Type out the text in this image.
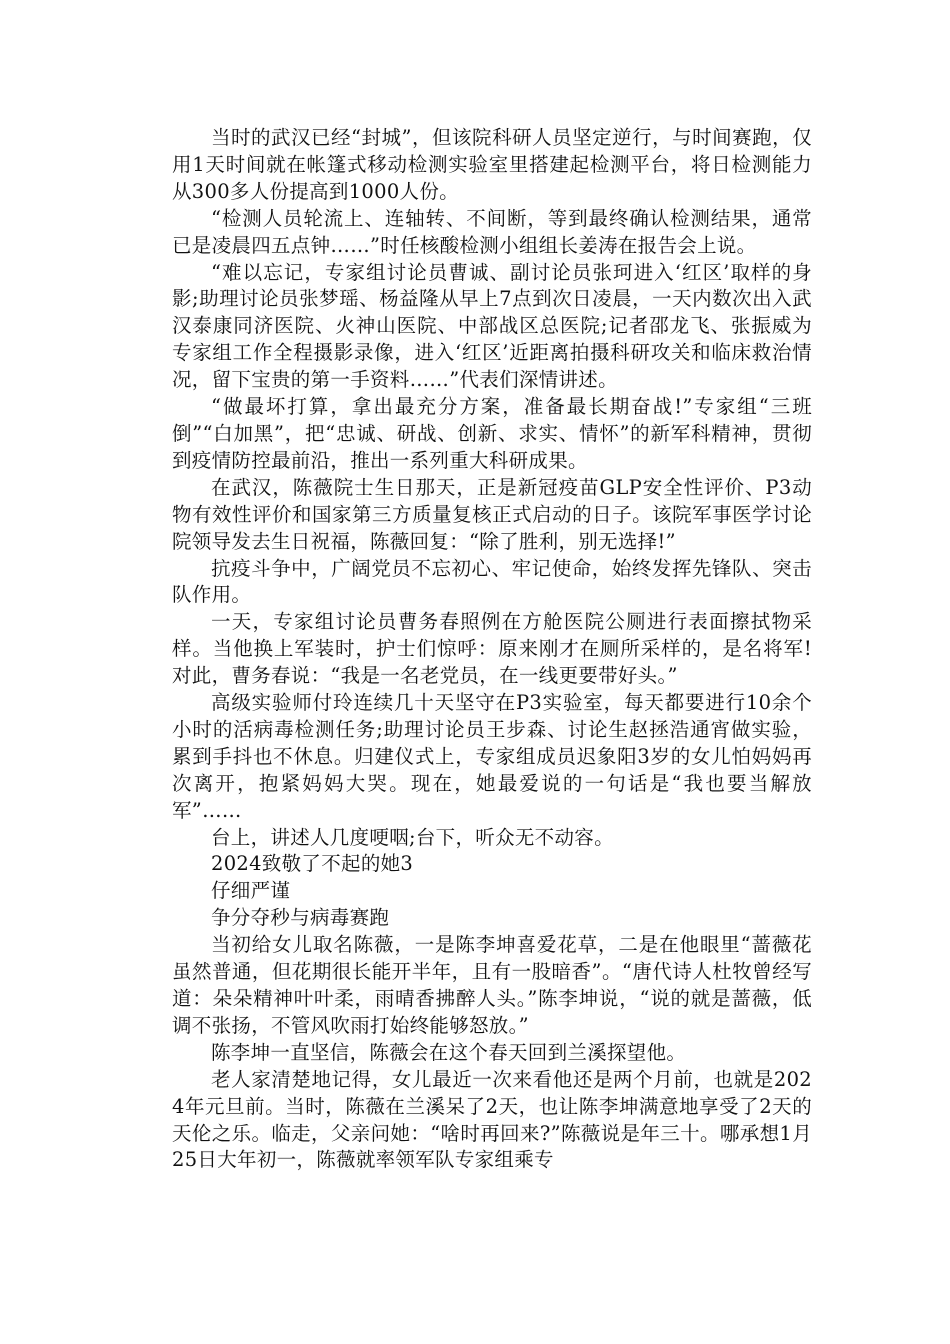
当时的武汉已经“封城”，但该院科研人员坚定逆行，与时间赛跑，仅用1天时间就在帐篷式移动检测实验室里搭建起检测平台，将日检测能力从300多人份提高到1000人份。

“检测人员轮流上、连轴转、不间断，等到最终确认检测结果，通常已是凌晨四五点钟……”时任核酸检测小组组长姜涛在报告会上说。

“难以忘记，专家组讨论员曹诚、副讨论员张珂进入‘红区’取样的身影;助理讨论员张梦瑶、杨益隆从早上7点到次日凌晨，一天内数次出入武汉泰康同济医院、火神山医院、中部战区总医院;记者邵龙飞、张振威为专家组工作全程摄影录像，进入‘红区’近距离拍摄科研攻关和临床救治情况，留下宝贵的第一手资料……”代表们深情讲述。

“做最坏打算，拿出最充分方案，准备最长期奋战!”专家组“三班倒”“白加黑”，把“忠诚、研战、创新、求实、情怀”的新军科精神，贯彻到疫情防控最前沿，推出一系列重大科研成果。

在武汉，陈薇院士生日那天，正是新冠疫苗GLP安全性评价、P3动物有效性评价和国家第三方质量复核正式启动的日子。该院军事医学讨论院领导发去生日祝福，陈薇回复：“除了胜利，别无选择!”

抗疫斗争中，广阔党员不忘初心、牢记使命，始终发挥先锋队、突击队作用。

一天，专家组讨论员曹务春照例在方舱医院公厕进行表面擦拭物采样。当他换上军装时，护士们惊呼：原来刚才在厕所采样的，是名将军!对此，曹务春说：“我是一名老党员，在一线更要带好头。”

高级实验师付玲连续几十天坚守在P3实验室，每天都要进行10余个小时的活病毒检测任务;助理讨论员王步森、讨论生赵拯浩通宵做实验，累到手抖也不休息。归建仪式上，专家组成员迟象阳3岁的女儿怕妈妈再次离开，抱紧妈妈大哭。现在，她最爱说的一句话是“我也要当解放军”……

台上，讲述人几度哽咽;台下，听众无不动容。

2024致敬了不起的她3

仔细严谨

争分夺秒与病毒赛跑

当初给女儿取名陈薇，一是陈李坤喜爱花草，二是在他眼里“蔷薇花虽然普通，但花期很长能开半年，且有一股暗香”。“唐代诗人杜牧曾经写道：朵朵精神叶叶柔，雨晴香拂醉人头。”陈李坤说，“说的就是蔷薇，低调不张扬，不管风吹雨打始终能够怒放。”

陈李坤一直坚信，陈薇会在这个春天回到兰溪探望他。

老人家清楚地记得，女儿最近一次来看他还是两个月前，也就是2024年元旦前。当时，陈薇在兰溪呆了2天，也让陈李坤满意地享受了2天的天伦之乐。临走，父亲问她：“啥时再回来?”陈薇说是年三十。哪承想1月25日大年初一，陈薇就率领军队专家组乘专
